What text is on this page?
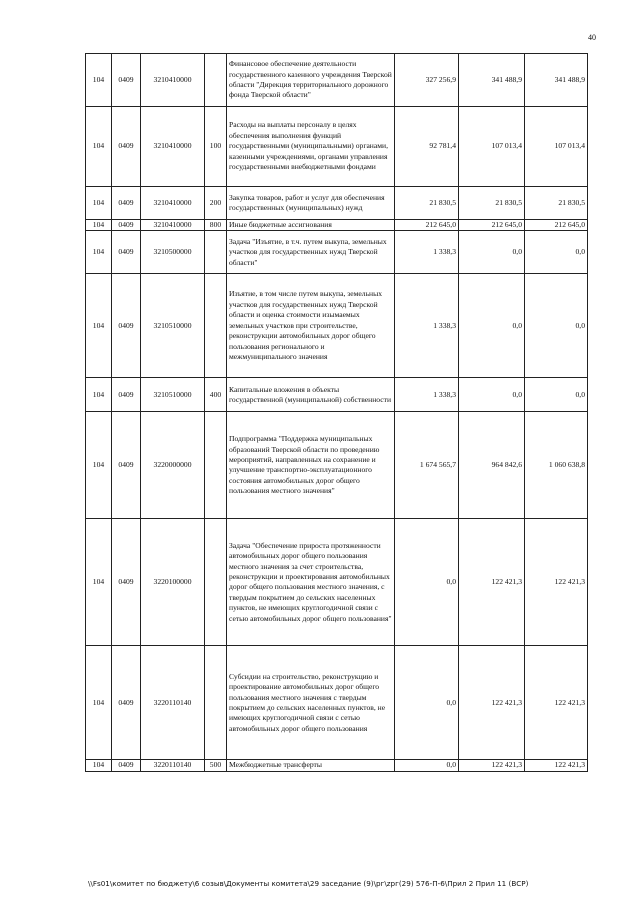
40
104	0409	3210410000		Финансовое обеспечение деятельности государственного казенного учреждения Тверской области "Дирекция территориального дорожного фонда Тверской области"	327 256,9	341 488,9	341 488,9
104	0409	3210410000	100	Расходы на выплаты персоналу в целях обеспечения выполнения функций государственными (муниципальными) органами, казенными учреждениями, органами управления государственными внебюджетными фондами	92 781,4	107 013,4	107 013,4
104	0409	3210410000	200	Закупка товаров, работ и услуг для обеспечения государственных (муниципальных) нужд	21 830,5	21 830,5	21 830,5
104	0409	3210410000	800	Иные бюджетные ассигнования	212 645,0	212 645,0	212 645,0
104	0409	3210500000		Задача "Изъятие, в т.ч. путем выкупа, земельных участков для государственных нужд Тверской области"	1 338,3	0,0	0,0
104	0409	3210510000		Изъятие, в том числе путем выкупа, земельных участков для государственных нужд Тверской области и оценка стоимости изымаемых земельных участков при строительстве, реконструкции автомобильных дорог общего пользования регионального и межмуниципального значения	1 338,3	0,0	0,0
104	0409	3210510000	400	Капитальные вложения в объекты государственной (муниципальной) собственности	1 338,3	0,0	0,0
104	0409	3220000000		Подпрограмма "Поддержка муниципальных образований Тверской области по проведению мероприятий, направленных на сохранение и улучшение транспортно-эксплуатационного состояния автомобильных дорог общего пользования местного значения"	1 674 565,7	964 842,6	1 060 638,8
104	0409	3220100000		Задача "Обеспечение прироста протяженности автомобильных дорог общего пользования местного значения за счет строительства, реконструкции и проектирования автомобильных дорог общего пользования местного значения, с твердым покрытием до сельских населенных пунктов, не имеющих круглогодичной связи с сетью автомобильных дорог общего пользования"	0,0	122 421,3	122 421,3
104	0409	3220110140		Субсидии на строительство, реконструкцию и проектирование автомобильных дорог общего пользования местного значения с твердым покрытием до сельских населенных пунктов, не имеющих круглогодичной связи с сетью автомобильных дорог общего пользования	0,0	122 421,3	122 421,3
104	0409	3220110140	500	Межбюджетные трансферты	0,0	122 421,3	122 421,3
\\Fs01\комитет по бюджету\6 созыв\Документы комитета\29 заседание (9)\рг\zрг(29) 576-П-6\Прил 2 Прил 11 (ВСР)
